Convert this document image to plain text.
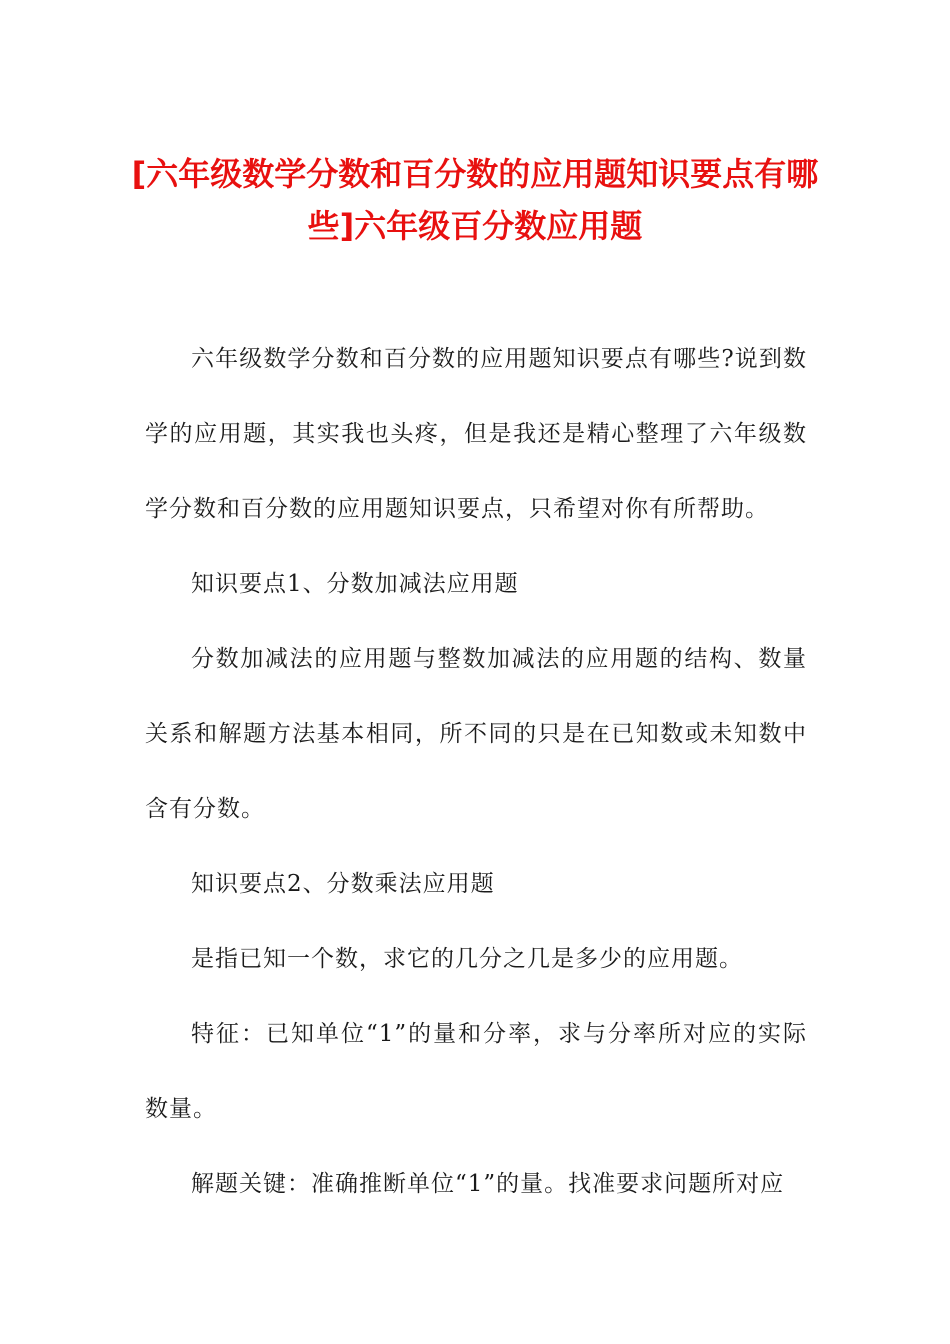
[六年级数学分数和百分数的应用题知识要点有哪些]六年级百分数应用题

六年级数学分数和百分数的应用题知识要点有哪些?说到数学的应用题，其实我也头疼，但是我还是精心整理了六年级数学分数和百分数的应用题知识要点，只希望对你有所帮助。

知识要点1、分数加减法应用题

分数加减法的应用题与整数加减法的应用题的结构、数量关系和解题方法基本相同，所不同的只是在已知数或未知数中含有分数。

知识要点2、分数乘法应用题

是指已知一个数，求它的几分之几是多少的应用题。

特征：已知单位“1”的量和分率，求与分率所对应的实际数量。

解题关键：准确推断单位“1”的量。找准要求问题所对应
